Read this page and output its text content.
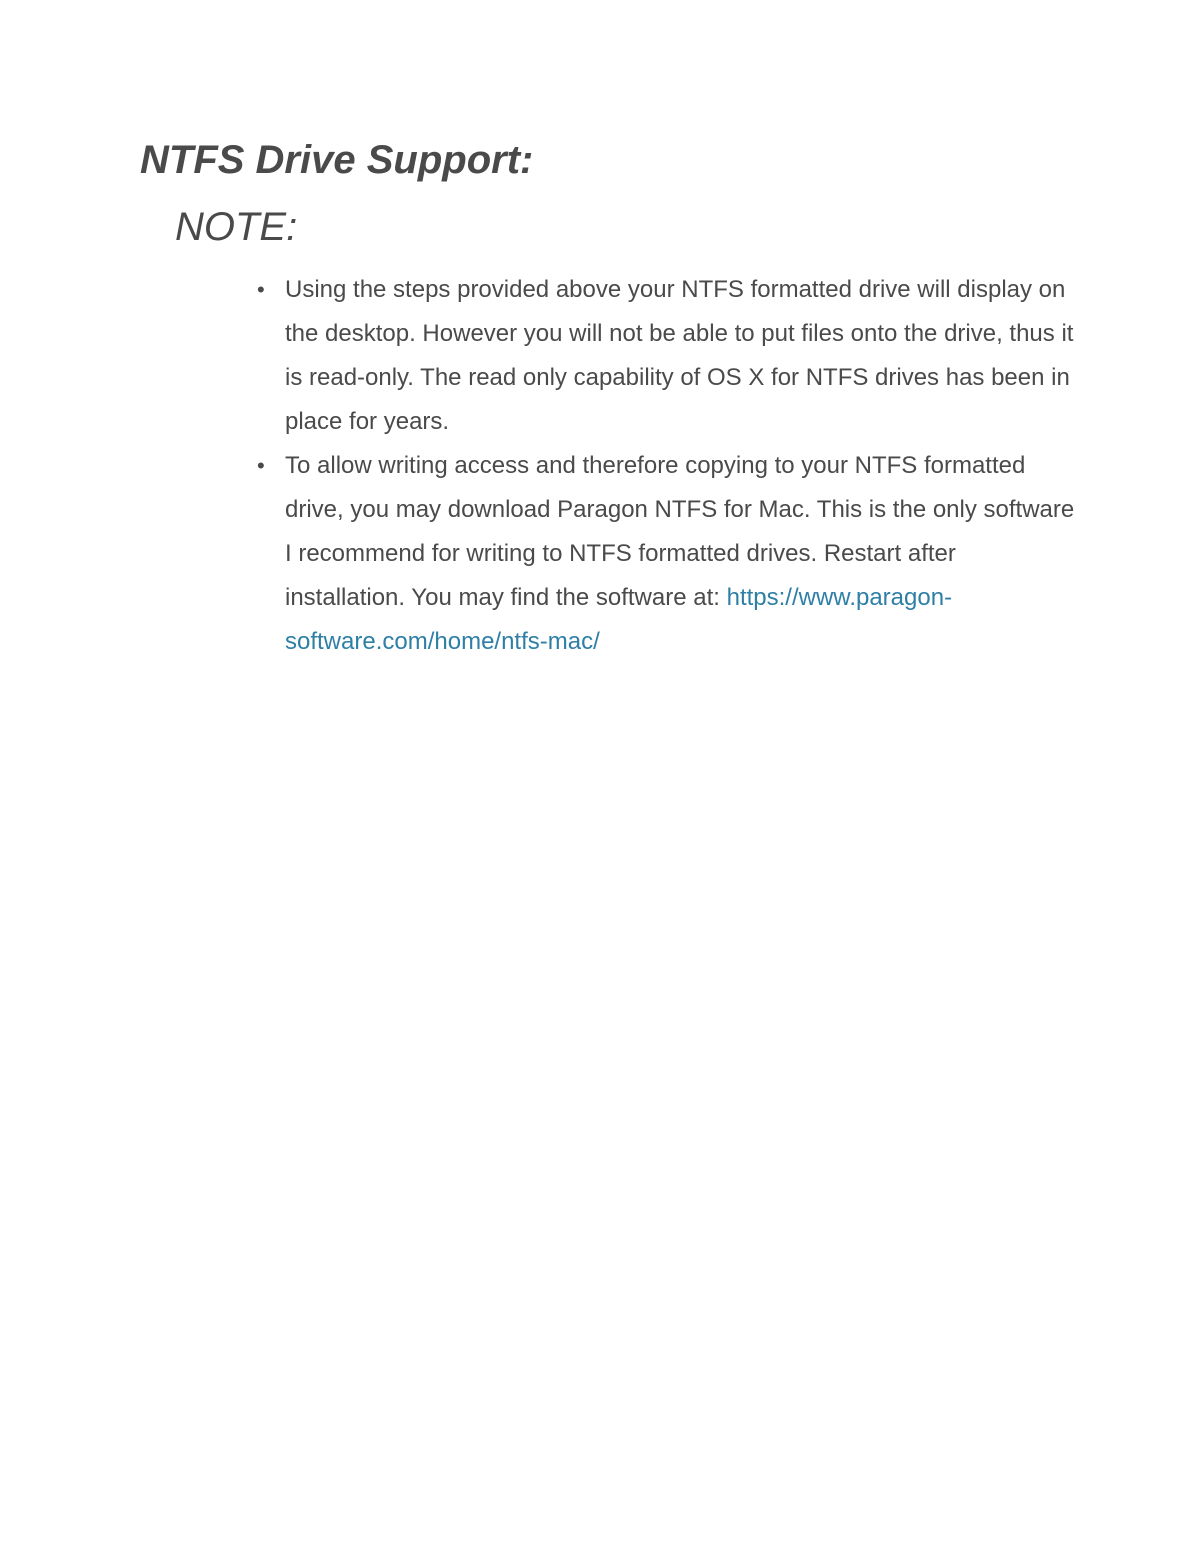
NTFS Drive Support:
NOTE:
• Using the steps provided above your NTFS formatted drive will display on the desktop. However you will not be able to put files onto the drive, thus it is read-only. The read only capability of OS X for NTFS drives has been in place for years.
• To allow writing access and therefore copying to your NTFS formatted drive, you may download Paragon NTFS for Mac. This is the only software I recommend for writing to NTFS formatted drives. Restart after installation. You may find the software at: https://www.paragon-software.com/home/ntfs-mac/
